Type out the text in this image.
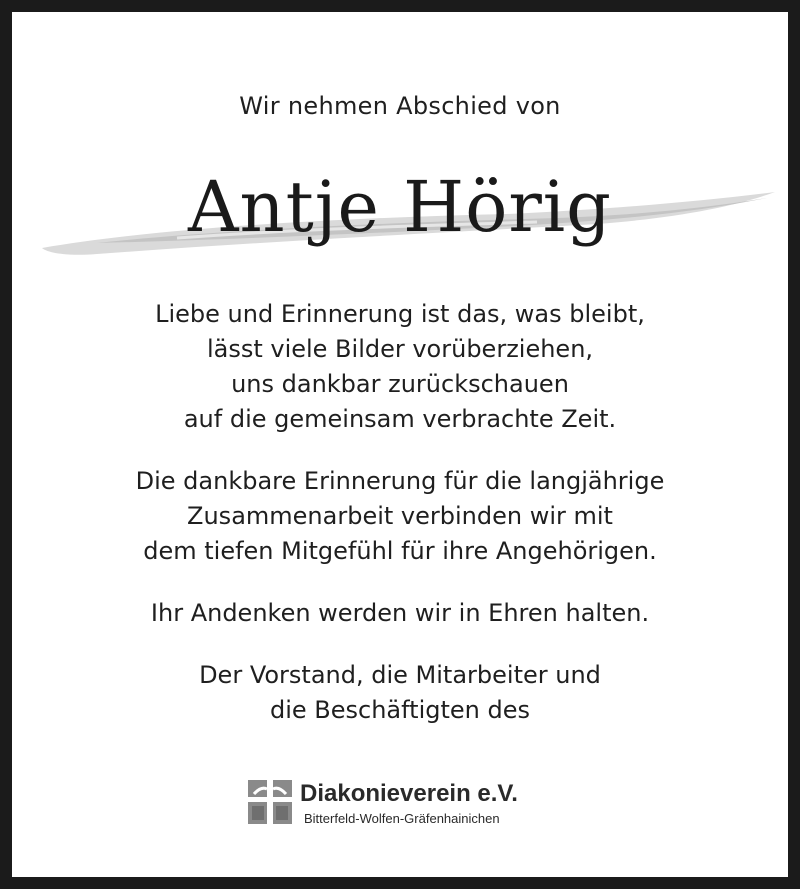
Wir nehmen Abschied von
Antje Hörig
Liebe und Erinnerung ist das, was bleibt,
lässt viele Bilder vorüberziehen,
uns dankbar zurückschauen
auf die gemeinsam verbrachte Zeit.
Die dankbare Erinnerung für die langjährige
Zusammenarbeit verbinden wir mit
dem tiefen Mitgefühl für ihre Angehörigen.
Ihr Andenken werden wir in Ehren halten.
Der Vorstand, die Mitarbeiter und
die Beschäftigten des
Diakonieverein e.V.
Bitterfeld-Wolfen-Gräfenhainichen
